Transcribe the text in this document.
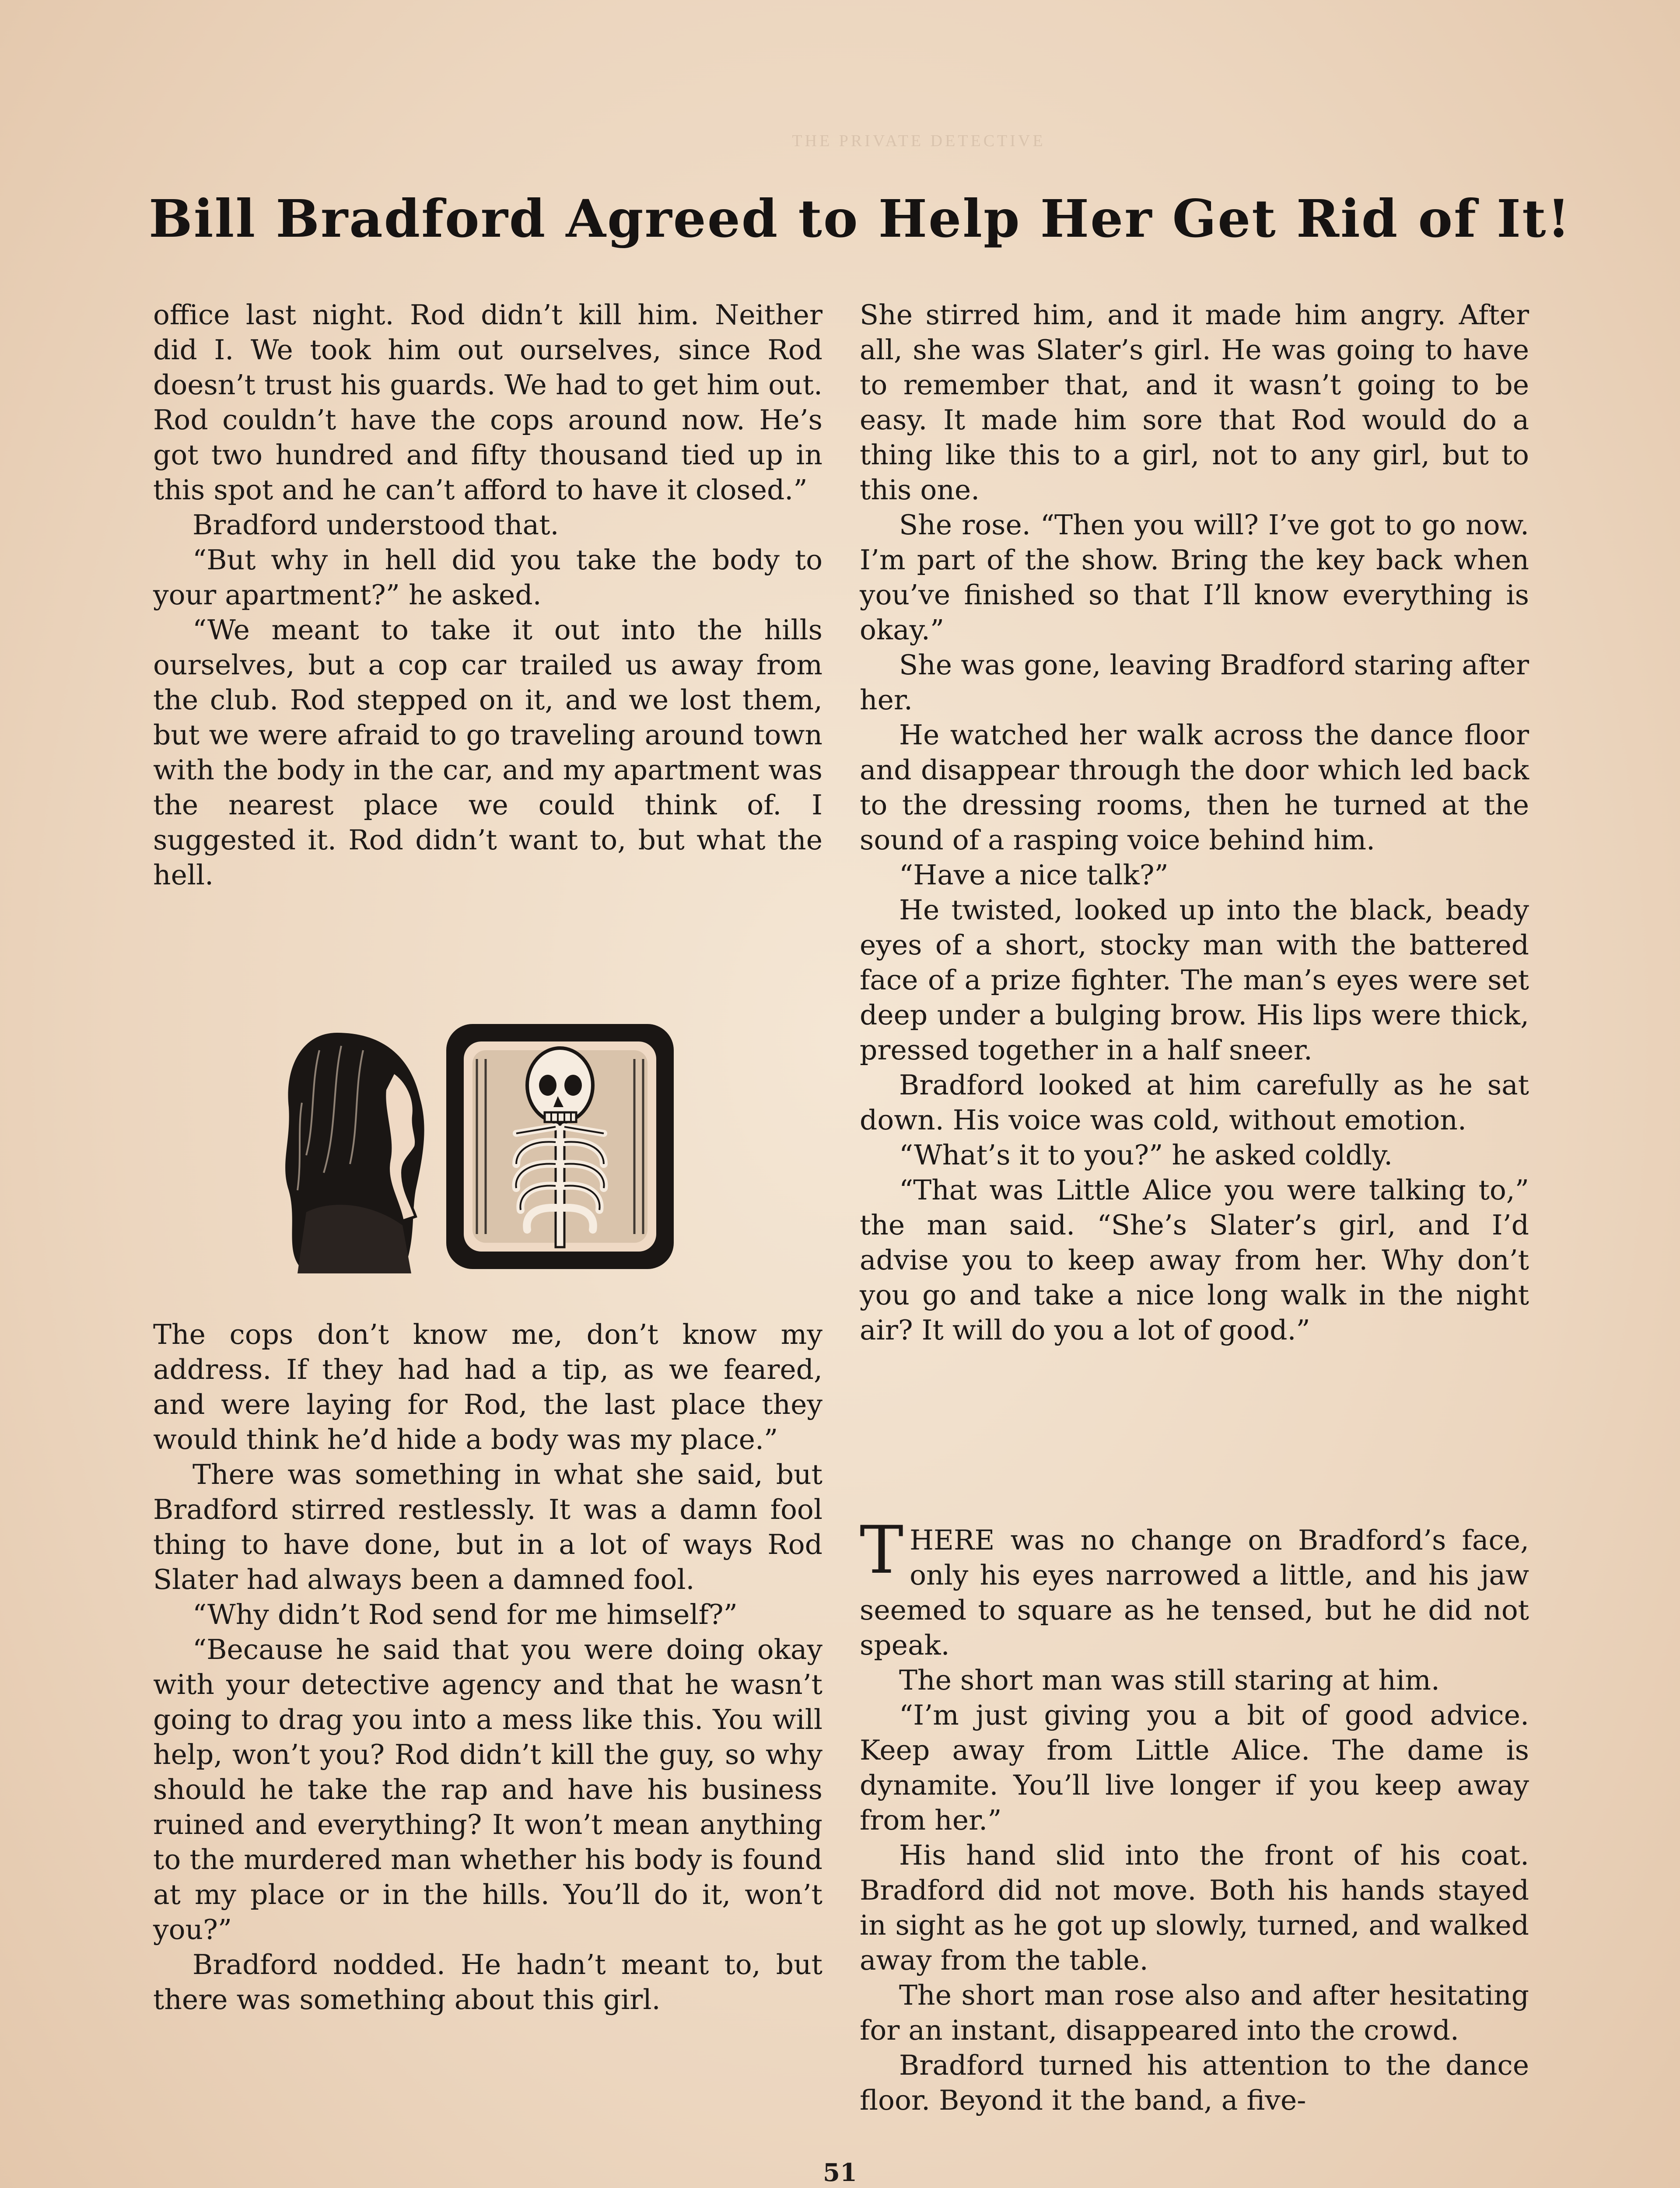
THE PRIVATE DETECTIVE
Bill Bradford Agreed to Help Her Get Rid of It!

office last night. Rod didn’t kill him. Neither did I. We took him out ourselves, since Rod doesn’t trust his guards. We had to get him out. Rod couldn’t have the cops around now. He’s got two hundred and fifty thousand tied up in this spot and he can’t afford to have it closed.”

Bradford understood that.

“But why in hell did you take the body to your apartment?” he asked.

“We meant to take it out into the hills ourselves, but a cop car trailed us away from the club. Rod stepped on it, and we lost them, but we were afraid to go traveling around town with the body in the car, and my apartment was the nearest place we could think of. I suggested it. Rod didn’t want to, but what the hell.

The cops don’t know me, don’t know my address. If they had had a tip, as we feared, and were laying for Rod, the last place they would think he’d hide a body was my place.”

There was something in what she said, but Bradford stirred restlessly. It was a damn fool thing to have done, but in a lot of ways Rod Slater had always been a damned fool.

“Why didn’t Rod send for me himself?”

“Because he said that you were doing okay with your detective agency and that he wasn’t going to drag you into a mess like this. You will help, won’t you? Rod didn’t kill the guy, so why should he take the rap and have his business ruined and everything? It won’t mean anything to the murdered man whether his body is found at my place or in the hills. You’ll do it, won’t you?”

Bradford nodded. He hadn’t meant to, but there was something about this girl.

She stirred him, and it made him angry. After all, she was Slater’s girl. He was going to have to remember that, and it wasn’t going to be easy. It made him sore that Rod would do a thing like this to a girl, not to any girl, but to this one.

She rose. “Then you will? I’ve got to go now. I’m part of the show. Bring the key back when you’ve finished so that I’ll know everything is okay.”

She was gone, leaving Bradford staring after her.

He watched her walk across the dance floor and disappear through the door which led back to the dressing rooms, then he turned at the sound of a rasping voice behind him.

“Have a nice talk?”

He twisted, looked up into the black, beady eyes of a short, stocky man with the battered face of a prize fighter. The man’s eyes were set deep under a bulging brow. His lips were thick, pressed together in a half sneer.

Bradford looked at him carefully as he sat down. His voice was cold, without emotion.

“What’s it to you?” he asked coldly.

“That was Little Alice you were talking to,” the man said. “She’s Slater’s girl, and I’d advise you to keep away from her. Why don’t you go and take a nice long walk in the night air? It will do you a lot of good.”

THERE was no change on Bradford’s face, only his eyes narrowed a little, and his jaw seemed to square as he tensed, but he did not speak.

The short man was still staring at him.

“I’m just giving you a bit of good advice. Keep away from Little Alice. The dame is dynamite. You’ll live longer if you keep away from her.”

His hand slid into the front of his coat. Bradford did not move. Both his hands stayed in sight as he got up slowly, turned, and walked away from the table.

The short man rose also and after hesitating for an instant, disappeared into the crowd.

Bradford turned his attention to the dance floor. Beyond it the band, a five-

51
